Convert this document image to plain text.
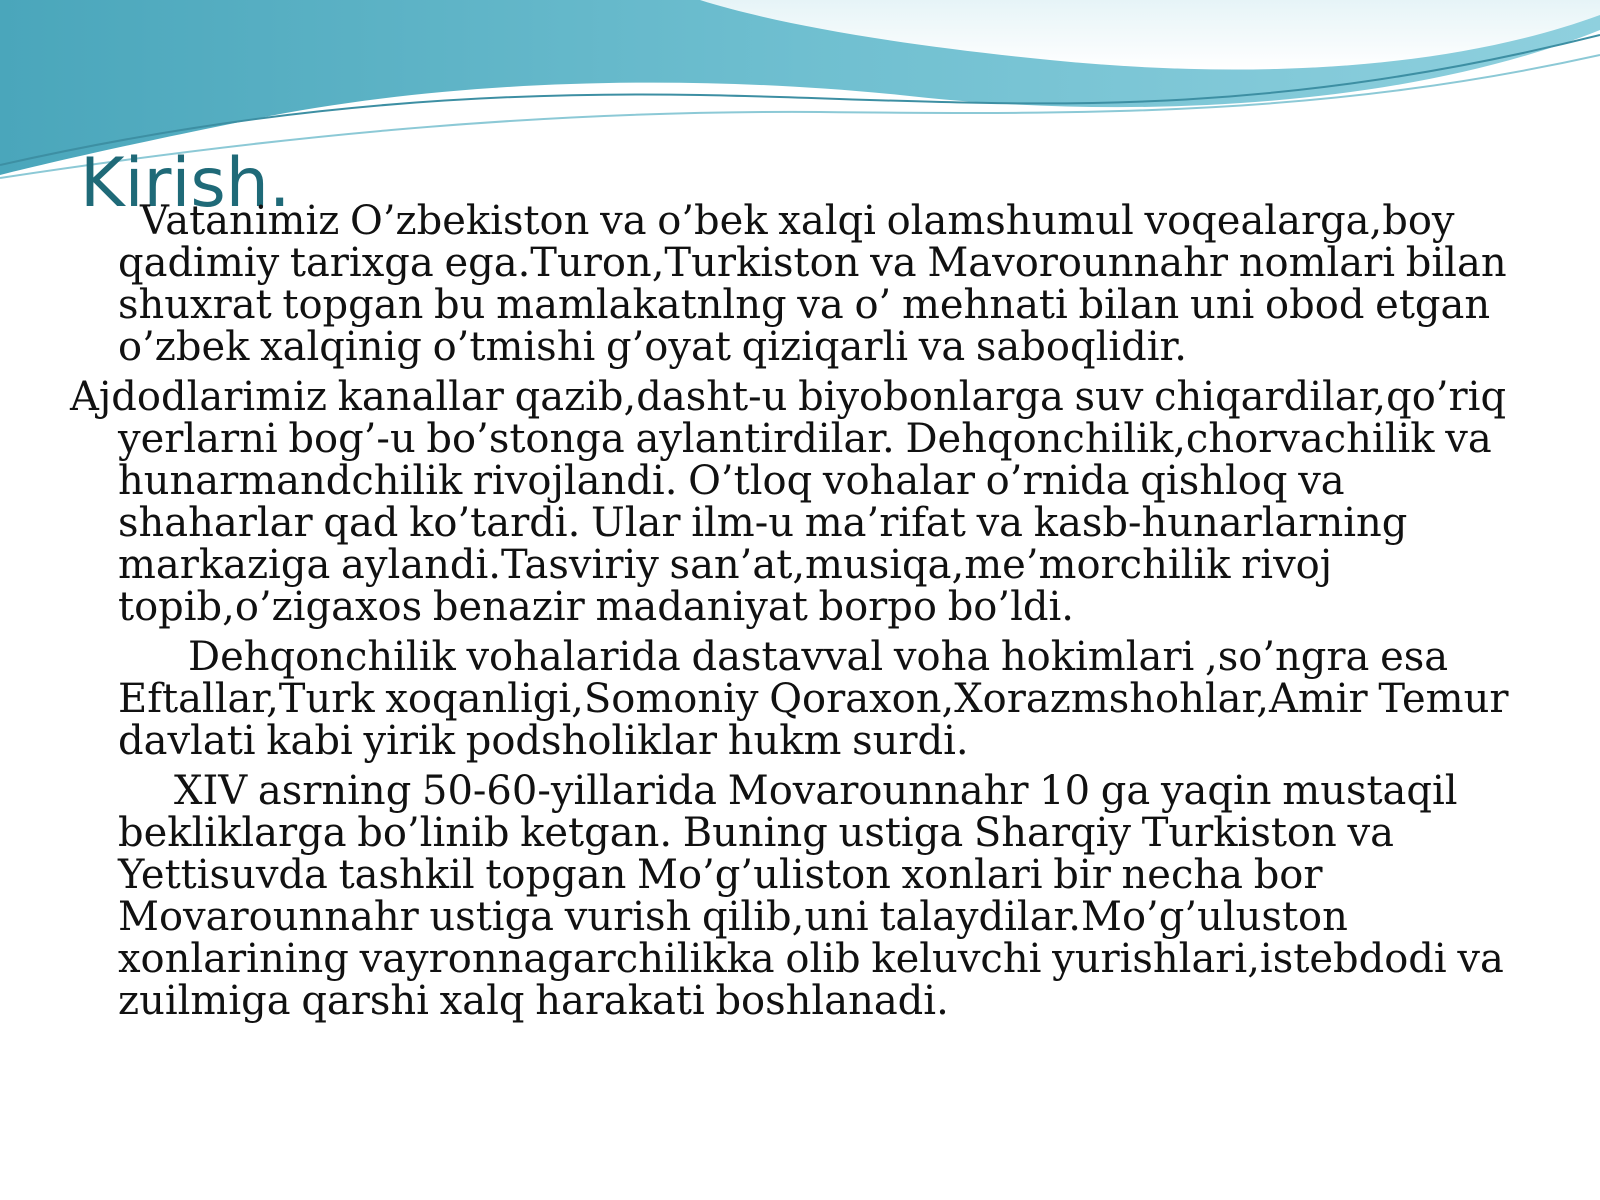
Kirish.

Vatanimiz O’zbekiston va o’bek xalqi olamshumul voqealarga,boy qadimiy tarixga ega.Turon,Turkiston va Mavorounnahr nomlari bilan shuxrat topgan bu mamlakatnlng va o’ mehnati bilan uni obod etgan o’zbek xalqinig o’tmishi g’oyat qiziqarli va saboqlidir.

Ajdodlarimiz kanallar qazib,dasht-u biyobonlarga suv chiqardilar,qo’riq yerlarni bog’-u bo’stonga aylantirdilar. Dehqonchilik,chorvachilik va hunarmandchilik rivojlandi. O’tloq vohalar o’rnida qishloq va shaharlar qad ko’tardi. Ular ilm-u ma’rifat va kasb-hunarlarning markaziga aylandi.Tasviriy san’at,musiqa,me’morchilik rivoj topib,o’zigaxos benazir madaniyat borpo bo’ldi.

Dehqonchilik vohalarida dastavval voha hokimlari ,so’ngra esa Eftallar,Turk xoqanligi,Somoniy Qoraxon,Xorazmshohlar,Amir Temur davlati kabi yirik podsholiklar hukm surdi.

XIV asrning 50-60-yillarida Movarounnahr 10 ga yaqin mustaqil bekliklarga bo’linib ketgan. Buning ustiga Sharqiy Turkiston va Yettisuvda tashkil topgan Mo’g’uliston xonlari bir necha bor Movarounnahr ustiga vurish qilib,uni talaydilar.Mo’g’uluston xonlarining vayronnagarchilikka olib keluvchi yurishlari,istebdodi va zuilmiga qarshi xalq harakati boshlanadi.
